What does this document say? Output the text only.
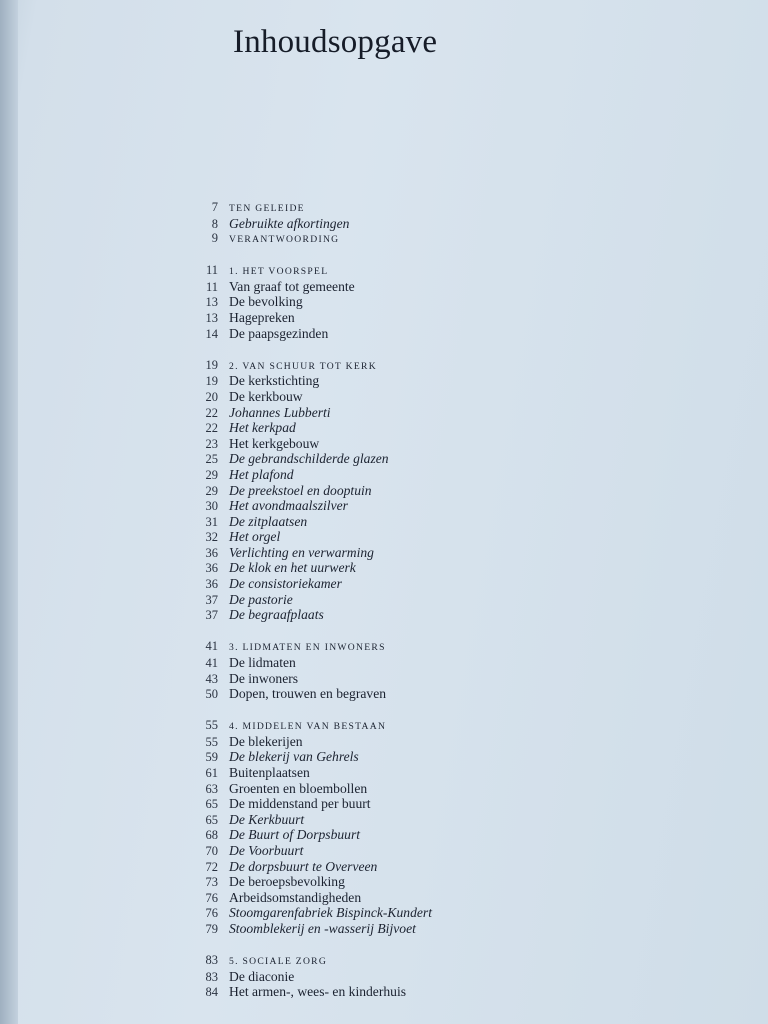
Inhoudsopgave
7 TEN GELEIDE
8 Gebruikte afkortingen
9 VERANTWOORDING
11 1. HET VOORSPEL
11 Van graaf tot gemeente
13 De bevolking
13 Hagepreken
14 De paapsgezinden
19 2. VAN SCHUUR TOT KERK
19 De kerkstichting
20 De kerkbouw
22 Johannes Lubberti
22 Het kerkpad
23 Het kerkgebouw
25 De gebrandschilderde glazen
29 Het plafond
29 De preekstoel en dooptuin
30 Het avondmaalszilver
31 De zitplaatsen
32 Het orgel
36 Verlichting en verwarming
36 De klok en het uurwerk
36 De consistoriekamer
37 De pastorie
37 De begraafplaats
41 3. LIDMATEN EN INWONERS
41 De lidmaten
43 De inwoners
50 Dopen, trouwen en begraven
55 4. MIDDELEN VAN BESTAAN
55 De blekerijen
59 De blekerij van Gehrels
61 Buitenplaatsen
63 Groenten en bloembollen
65 De middenstand per buurt
65 De Kerkbuurt
68 De Buurt of Dorpsbuurt
70 De Voorbuurt
72 De dorpsbuurt te Overveen
73 De beroepsbevolking
76 Arbeidsomstandigheden
76 Stoomgarenfabriek Bispinck-Kundert
79 Stoomblekerij en -wasserij Bijvoet
83 5. SOCIALE ZORG
83 De diaconie
84 Het armen-, wees- en kinderhuis
